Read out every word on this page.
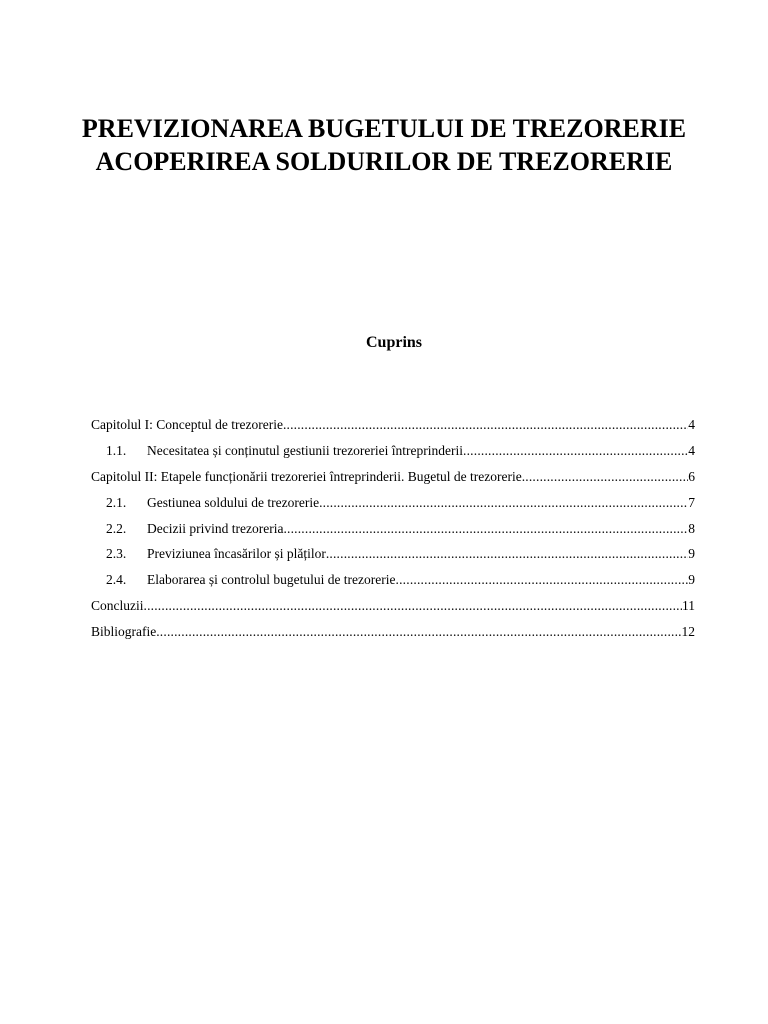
PREVIZIONAREA BUGETULUI DE TREZORERIE
ACOPERIREA SOLDURILOR DE TREZORERIE
Cuprins
Capitolul I: Conceptul de trezorerie .....	4
1.1.	Necesitatea și conținutul gestiunii trezoreriei întreprinderii .....	4
Capitolul II: Etapele funcționării trezoreriei întreprinderii. Bugetul de trezorerie .....	6
2.1.	Gestiunea soldului de trezorerie .....	7
2.2.	Decizii privind trezoreria .....	8
2.3.	Previziunea încasărilor și plăților .....	9
2.4.	Elaborarea și controlul bugetului de trezorerie .....	9
Concluzii .....	11
Bibliografie .....	12
